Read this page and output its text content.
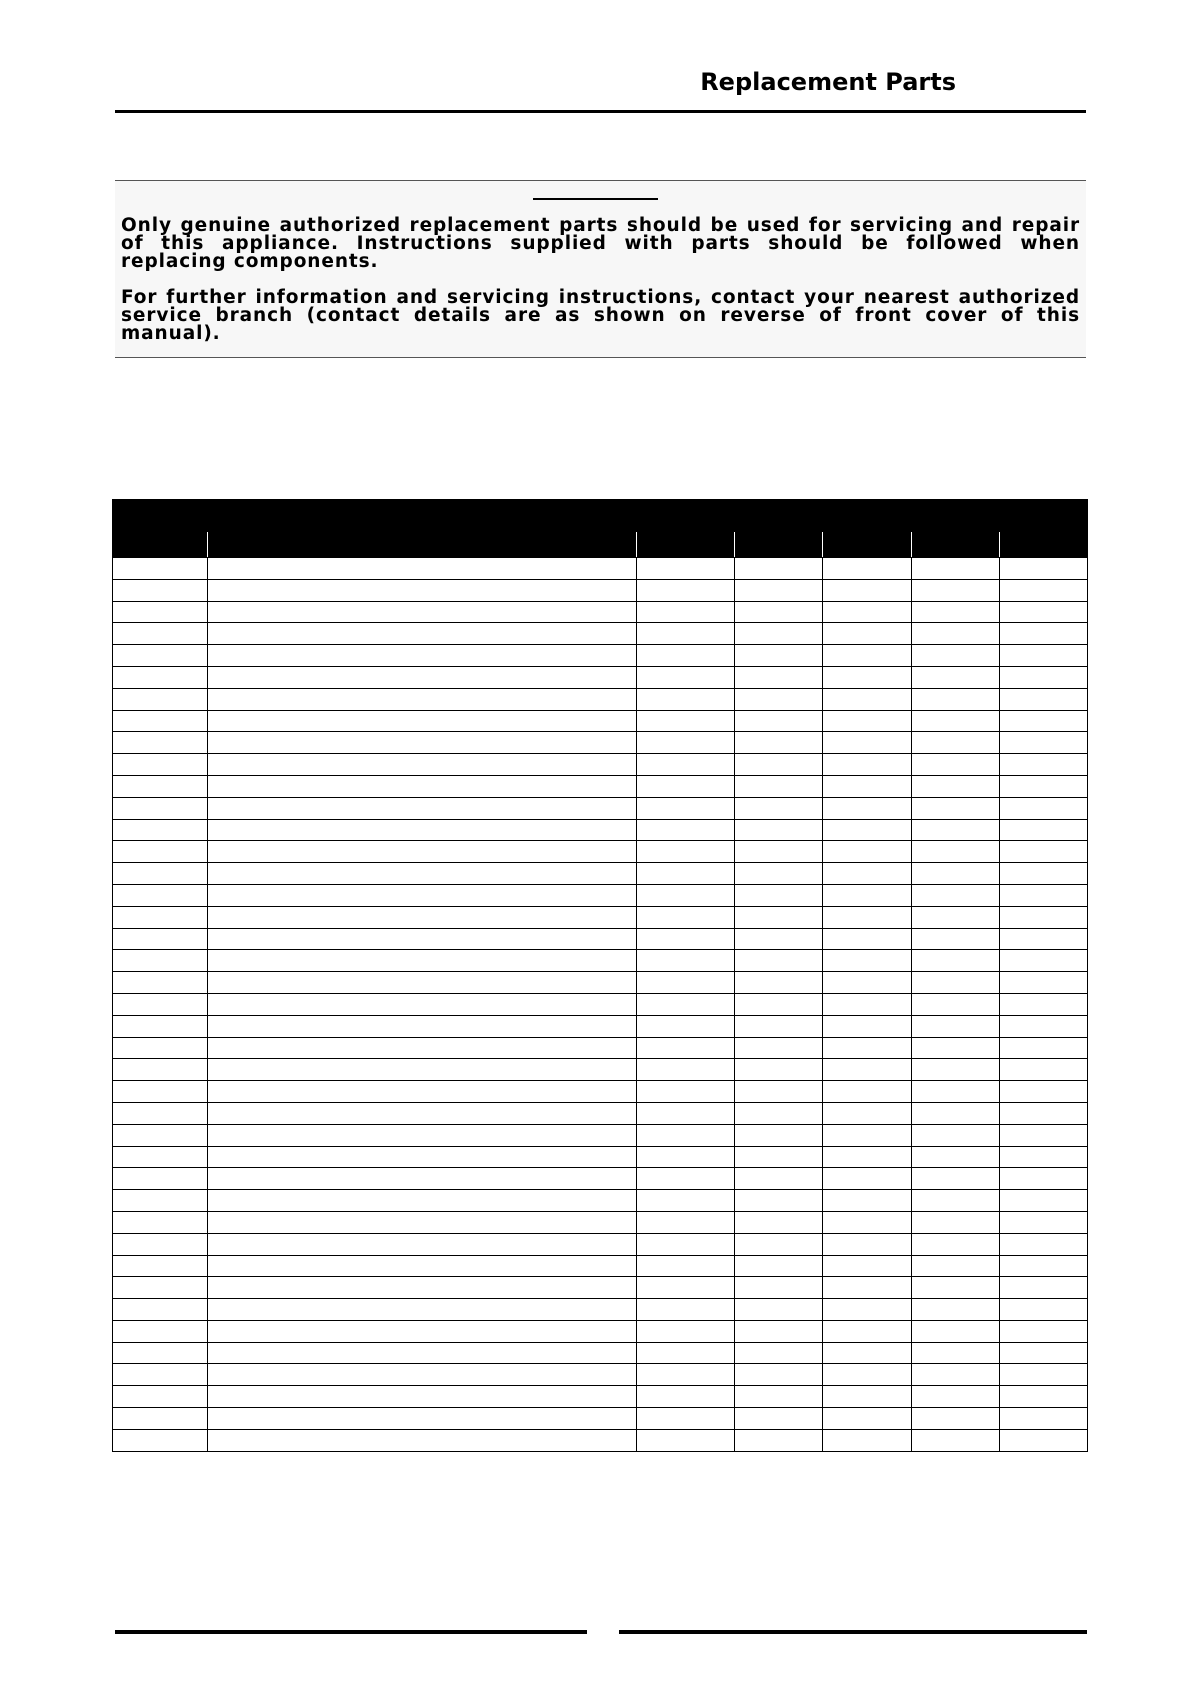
Replacement Parts

Only genuine authorized replacement parts should be used for servicing and repair of this appliance. Instructions supplied with parts should be followed when replacing components.

For further information and servicing instructions, contact your nearest authorized service branch (contact details are as shown on reverse of front cover of this manual).
